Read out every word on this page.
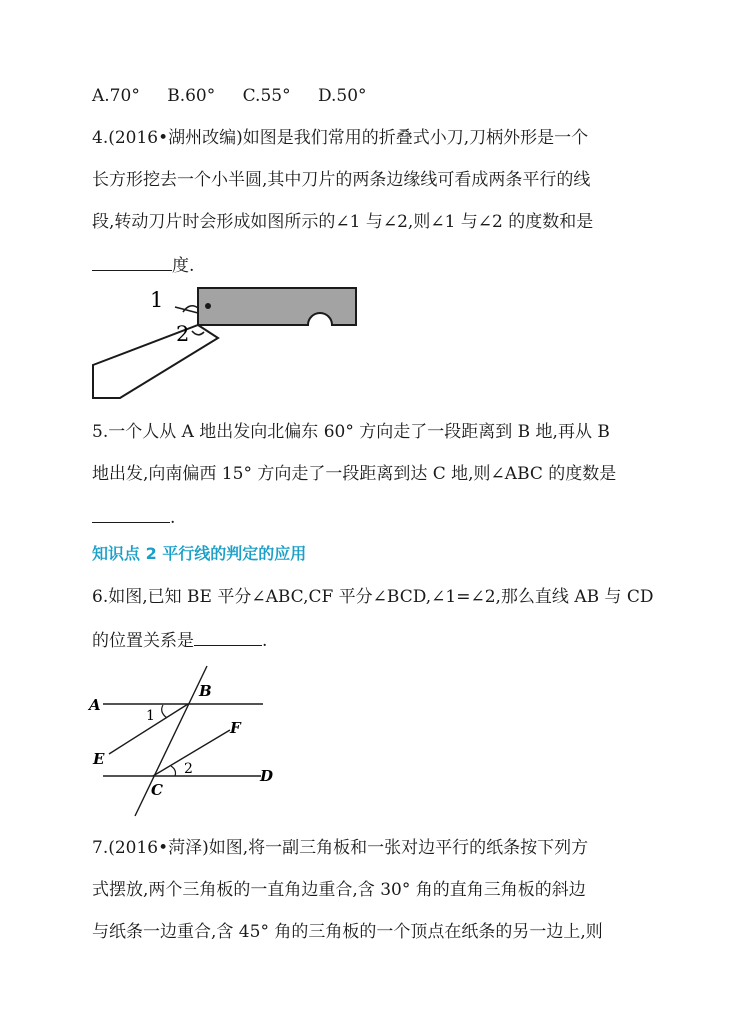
A.70° B.60° C.55° D.50°
4.(2016•湖州改编)如图是我们常用的折叠式小刀,刀柄外形是一个
长方形挖去一个小半圆,其中刀片的两条边缘线可看成两条平行的线
段,转动刀片时会形成如图所示的∠1 与∠2,则∠1 与∠2 的度数和是
度.
1
2
5.一个人从 A 地出发向北偏东 60° 方向走了一段距离到 B 地,再从 B
地出发,向南偏西 15° 方向走了一段距离到达 C 地,则∠ABC 的度数是
.
知识点 2 平行线的判定的应用
6.如图,已知 BE 平分∠ABC,CF 平分∠BCD,∠1=∠2,那么直线 AB 与 CD
的位置关系是	.
A
B
C
D
E
F
1
2
7.(2016•菏泽)如图,将一副三角板和一张对边平行的纸条按下列方
式摆放,两个三角板的一直角边重合,含 30° 角的直角三角板的斜边
与纸条一边重合,含 45° 角的三角板的一个顶点在纸条的另一边上,则
